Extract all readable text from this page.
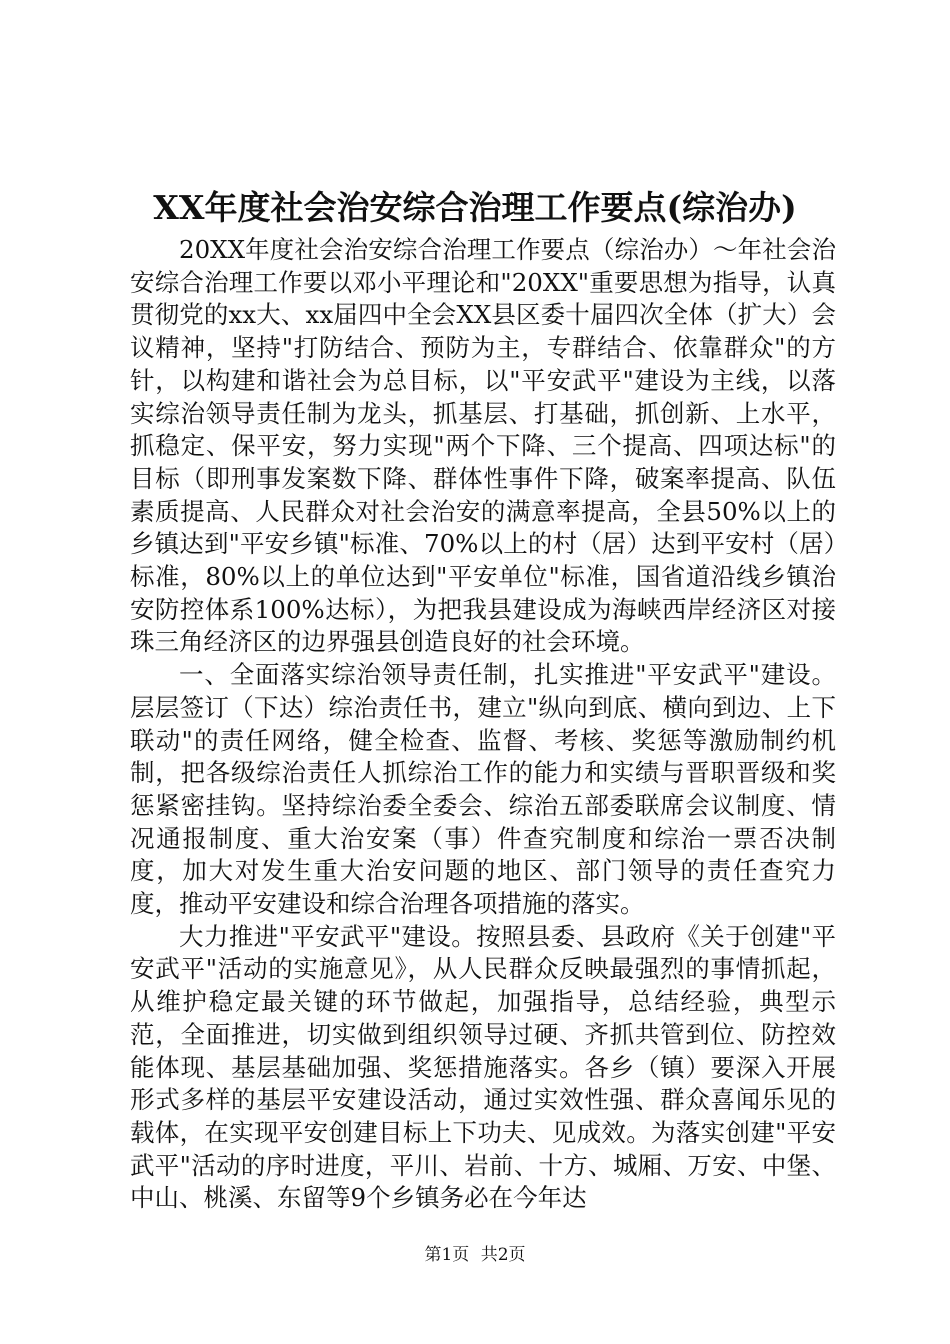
XX年度社会治安综合治理工作要点(综治办)

20XX年度社会治安综合治理工作要点（综治办）～年社会治安综合治理工作要以邓小平理论和"20XX"重要思想为指导，认真贯彻党的xx大、xx届四中全会XX县区委十届四次全体（扩大）会议精神，坚持"打防结合、预防为主，专群结合、依靠群众"的方针，以构建和谐社会为总目标，以"平安武平"建设为主线，以落实综治领导责任制为龙头，抓基层、打基础，抓创新、上水平，抓稳定、保平安，努力实现"两个下降、三个提高、四项达标"的目标（即刑事发案数下降、群体性事件下降，破案率提高、队伍素质提高、人民群众对社会治安的满意率提高，全县50%以上的乡镇达到"平安乡镇"标准、70%以上的村（居）达到平安村（居）标准，80%以上的单位达到"平安单位"标准，国省道沿线乡镇治安防控体系100%达标），为把我县建设成为海峡西岸经济区对接珠三角经济区的边界强县创造良好的社会环境。

一、全面落实综治领导责任制，扎实推进"平安武平"建设。层层签订（下达）综治责任书，建立"纵向到底、横向到边、上下联动"的责任网络，健全检查、监督、考核、奖惩等激励制约机制，把各级综治责任人抓综治工作的能力和实绩与晋职晋级和奖惩紧密挂钩。坚持综治委全委会、综治五部委联席会议制度、情况通报制度、重大治安案（事）件查究制度和综治一票否决制度，加大对发生重大治安问题的地区、部门领导的责任查究力度，推动平安建设和综合治理各项措施的落实。

大力推进"平安武平"建设。按照县委、县政府《关于创建"平安武平"活动的实施意见》，从人民群众反映最强烈的事情抓起，从维护稳定最关键的环节做起，加强指导，总结经验，典型示范，全面推进，切实做到组织领导过硬、齐抓共管到位、防控效能体现、基层基础加强、奖惩措施落实。各乡（镇）要深入开展形式多样的基层平安建设活动，通过实效性强、群众喜闻乐见的载体，在实现平安创建目标上下功夫、见成效。为落实创建"平安武平"活动的序时进度，平川、岩前、十方、城厢、万安、中堡、中山、桃溪、东留等9个乡镇务必在今年达

第1页 共2页
